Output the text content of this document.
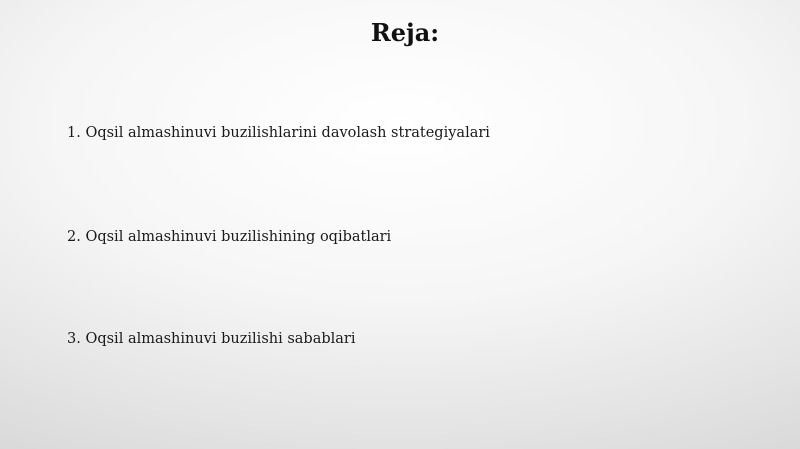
Reja:

1. Oqsil almashinuvi buzilishlarini davolash strategiyalari

2. Oqsil almashinuvi buzilishining oqibatlari

3. Oqsil almashinuvi buzilishi sabablari
